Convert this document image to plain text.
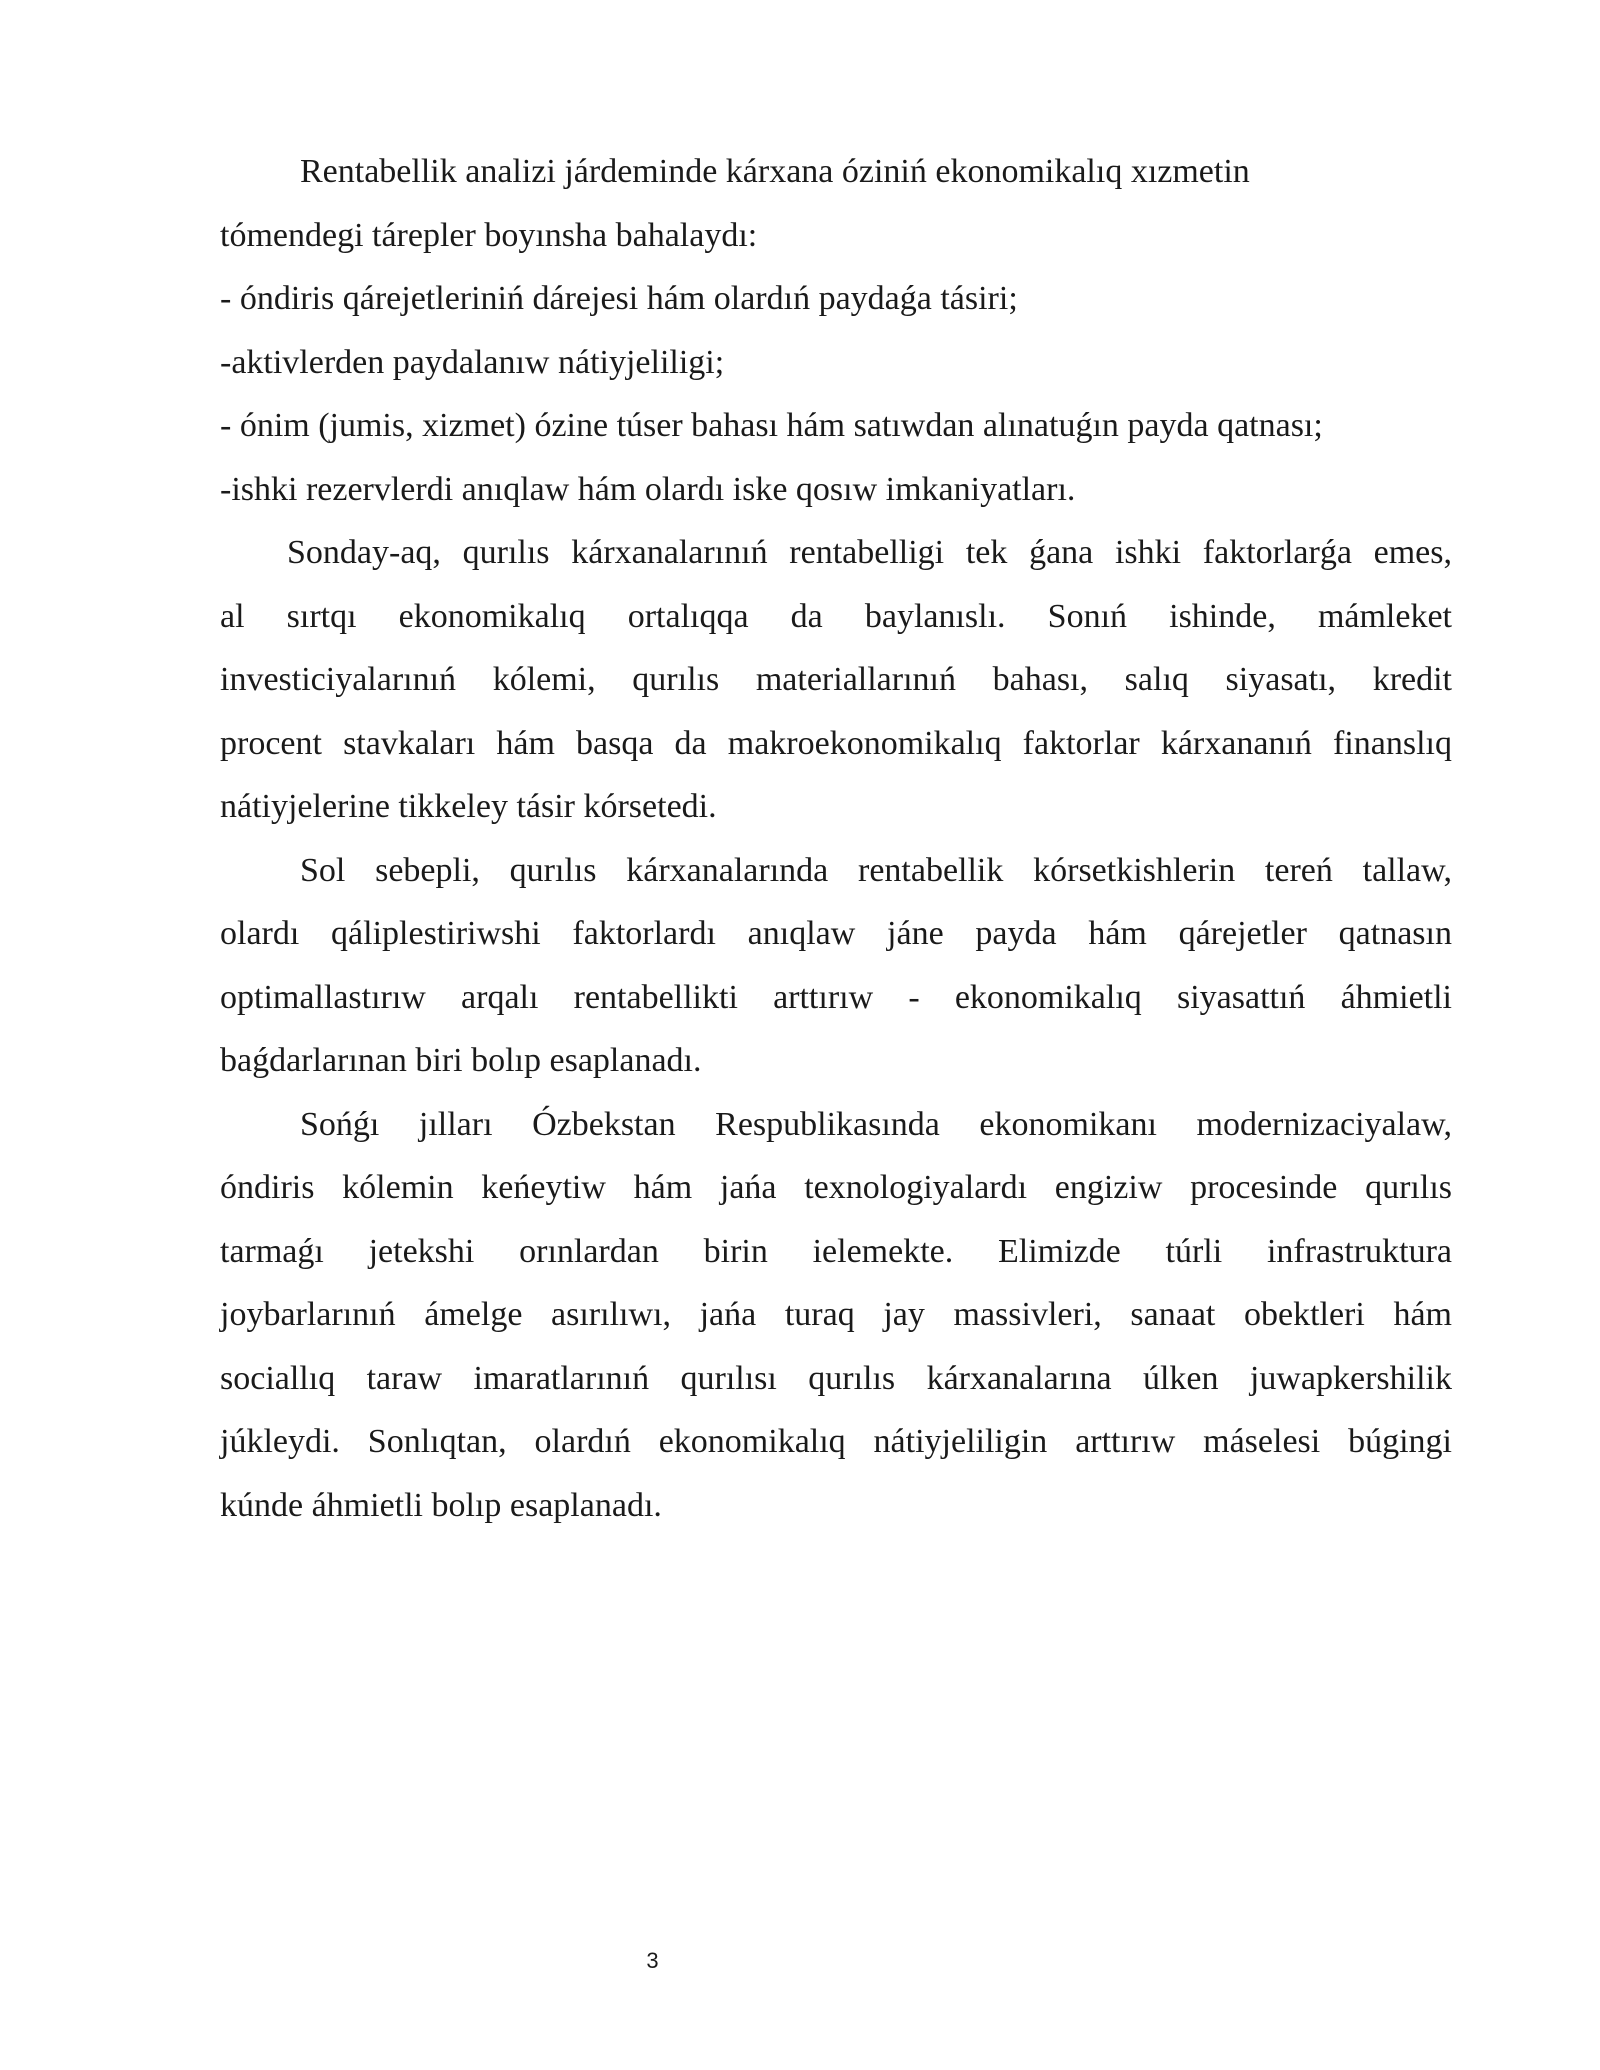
Rentabellik analizi járdeminde kárxana óziniń ekonomikalıq xızmetin
tómendegi tárepler boyınsha bahalaydı:
- óndiris qárejetleriniń dárejesi hám olardıń paydaǵa tásiri;
-aktivlerden paydalanıw nátiyjeliligi;
- ónim (jumis, xizmet) ózine túser bahası hám satıwdan alınatuǵın payda qatnası;
-ishki rezervlerdi anıqlaw hám olardı iske qosıw imkaniyatları.
Sonday-aq, qurılıs kárxanalarınıń rentabelligi tek ǵana ishki faktorlarǵa emes,
al sırtqı ekonomikalıq ortalıqqa da baylanıslı. Sonıń ishinde, mámleket
investiciyalarınıń kólemi, qurılıs materiallarınıń bahası, salıq siyasatı, kredit
procent stavkaları hám basqa da makroekonomikalıq faktorlar kárxananıń finanslıq
nátiyjelerine tikkeley tásir kórsetedi.
Sol sebepli, qurılıs kárxanalarında rentabellik kórsetkishlerin tereń tallaw,
olardı qáliplestiriwshi faktorlardı anıqlaw jáne payda hám qárejetler qatnasın
optimallastırıw arqalı rentabellikti arttırıw - ekonomikalıq siyasattıń áhmietli
baǵdarlarınan biri bolıp esaplanadı.
Sońǵı jılları Ózbekstan Respublikasında ekonomikanı modernizaciyalaw,
óndiris kólemin keńeytiw hám jańa texnologiyalardı engiziw procesinde qurılıs
tarmaǵı jetekshi orınlardan birin ielemekte. Elimizde túrli infrastruktura
joybarlarınıń ámelge asırılıwı, jańa turaq jay massivleri, sanaat obektleri hám
sociallıq taraw imaratlarınıń qurılısı qurılıs kárxanalarına úlken juwapkershilik
júkleydi. Sonlıqtan, olardıń ekonomikalıq nátiyjeliligin arttırıw máselesi búgingi
kúnde áhmietli bolıp esaplanadı.
3
